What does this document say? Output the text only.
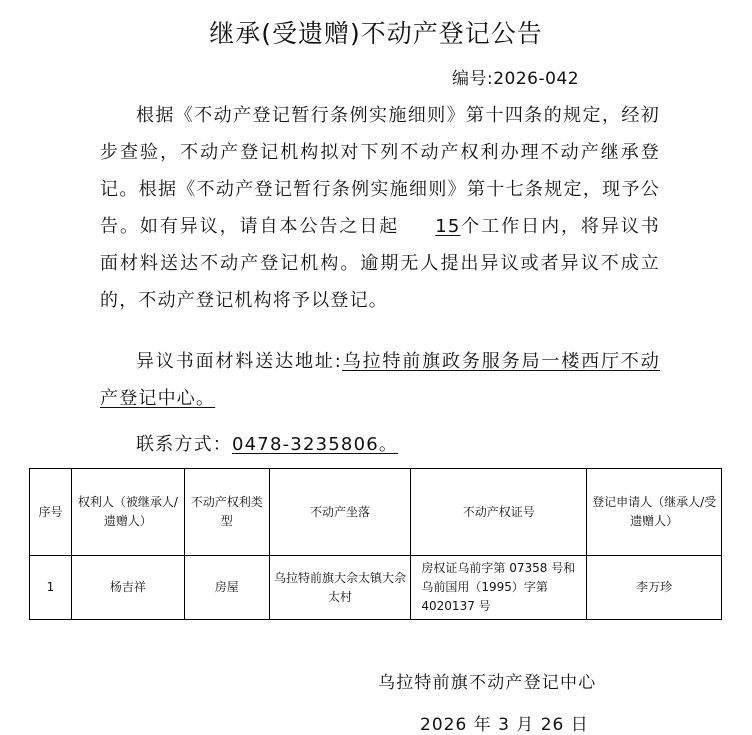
继承(受遗赠)不动产登记公告
编号:2026-042
根据《不动产登记暂行条例实施细则》第十四条的规定，经初步查验，不动产登记机构拟对下列不动产权利办理不动产继承登记。根据《不动产登记暂行条例实施细则》第十七条规定，现予公告。如有异议，请自本公告之日起 15个工作日内，将异议书面材料送达不动产登记机构。逾期无人提出异议或者异议不成立的，不动产登记机构将予以登记。
异议书面材料送达地址:乌拉特前旗政务服务局一楼西厅不动产登记中心。
联系方式：0478-3235806。
序号	权利人（被继承人/遗赠人）	不动产权利类型	不动产坐落	不动产权证号	登记申请人（继承人/受遗赠人）
1	杨吉祥	房屋	乌拉特前旗大佘太镇大佘太村	房权证乌前字第 07358 号和乌前国用（1995）字第 4020137 号	李万珍
乌拉特前旗不动产登记中心
2026 年 3 月 26 日
